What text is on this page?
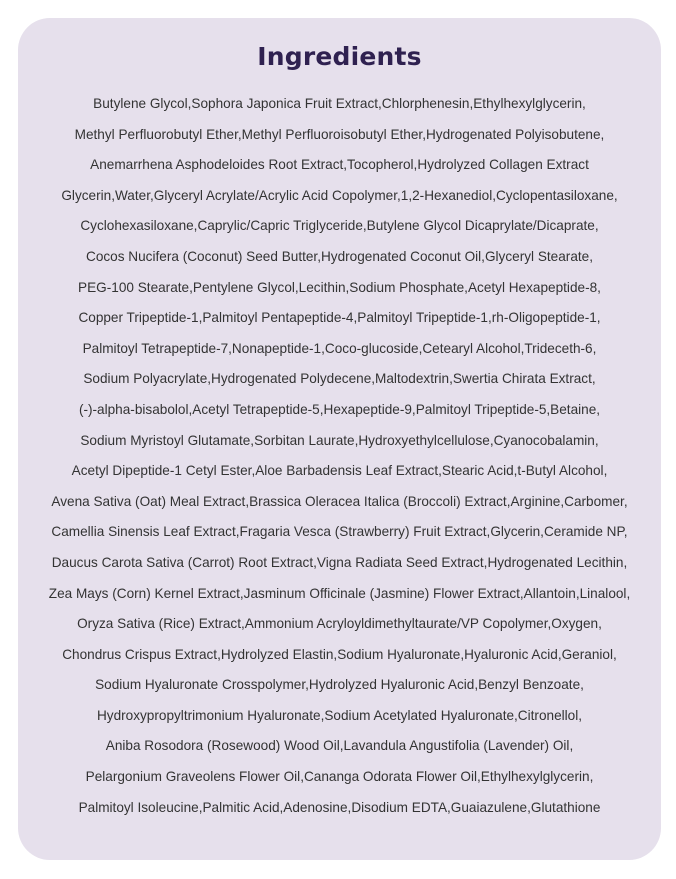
Ingredients
Butylene Glycol,Sophora Japonica Fruit Extract,Chlorphenesin,Ethylhexylglycerin,
Methyl Perfluorobutyl Ether,Methyl Perfluoroisobutyl Ether,Hydrogenated Polyisobutene,
Anemarrhena Asphodeloides Root Extract,Tocopherol,Hydrolyzed Collagen Extract
Glycerin,Water,Glyceryl Acrylate/Acrylic Acid Copolymer,1,2-Hexanediol,Cyclopentasiloxane,
Cyclohexasiloxane,Caprylic/Capric Triglyceride,Butylene Glycol Dicaprylate/Dicaprate,
Cocos Nucifera (Coconut) Seed Butter,Hydrogenated Coconut Oil,Glyceryl Stearate,
PEG-100 Stearate,Pentylene Glycol,Lecithin,Sodium Phosphate,Acetyl Hexapeptide-8,
Copper Tripeptide-1,Palmitoyl Pentapeptide-4,Palmitoyl Tripeptide-1,rh-Oligopeptide-1,
Palmitoyl Tetrapeptide-7,Nonapeptide-1,Coco-glucoside,Cetearyl Alcohol,Trideceth-6,
Sodium Polyacrylate,Hydrogenated Polydecene,Maltodextrin,Swertia Chirata Extract,
(-)-alpha-bisabolol,Acetyl Tetrapeptide-5,Hexapeptide-9,Palmitoyl Tripeptide-5,Betaine,
Sodium Myristoyl Glutamate,Sorbitan Laurate,Hydroxyethylcellulose,Cyanocobalamin,
Acetyl Dipeptide-1 Cetyl Ester,Aloe Barbadensis Leaf Extract,Stearic Acid,t-Butyl Alcohol,
Avena Sativa (Oat) Meal Extract,Brassica Oleracea Italica (Broccoli) Extract,Arginine,Carbomer,
Camellia Sinensis Leaf Extract,Fragaria Vesca (Strawberry) Fruit Extract,Glycerin,Ceramide NP,
Daucus Carota Sativa (Carrot) Root Extract,Vigna Radiata Seed Extract,Hydrogenated Lecithin,
Zea Mays (Corn) Kernel Extract,Jasminum Officinale (Jasmine) Flower Extract,Allantoin,Linalool,
Oryza Sativa (Rice) Extract,Ammonium Acryloyldimethyltaurate/VP Copolymer,Oxygen,
Chondrus Crispus Extract,Hydrolyzed Elastin,Sodium Hyaluronate,Hyaluronic Acid,Geraniol,
Sodium Hyaluronate Crosspolymer,Hydrolyzed Hyaluronic Acid,Benzyl Benzoate,
Hydroxypropyltrimonium Hyaluronate,Sodium Acetylated Hyaluronate,Citronellol,
Aniba Rosodora (Rosewood) Wood Oil,Lavandula Angustifolia (Lavender) Oil,
Pelargonium Graveolens Flower Oil,Cananga Odorata Flower Oil,Ethylhexylglycerin,
Palmitoyl Isoleucine,Palmitic Acid,Adenosine,Disodium EDTA,Guaiazulene,Glutathione
